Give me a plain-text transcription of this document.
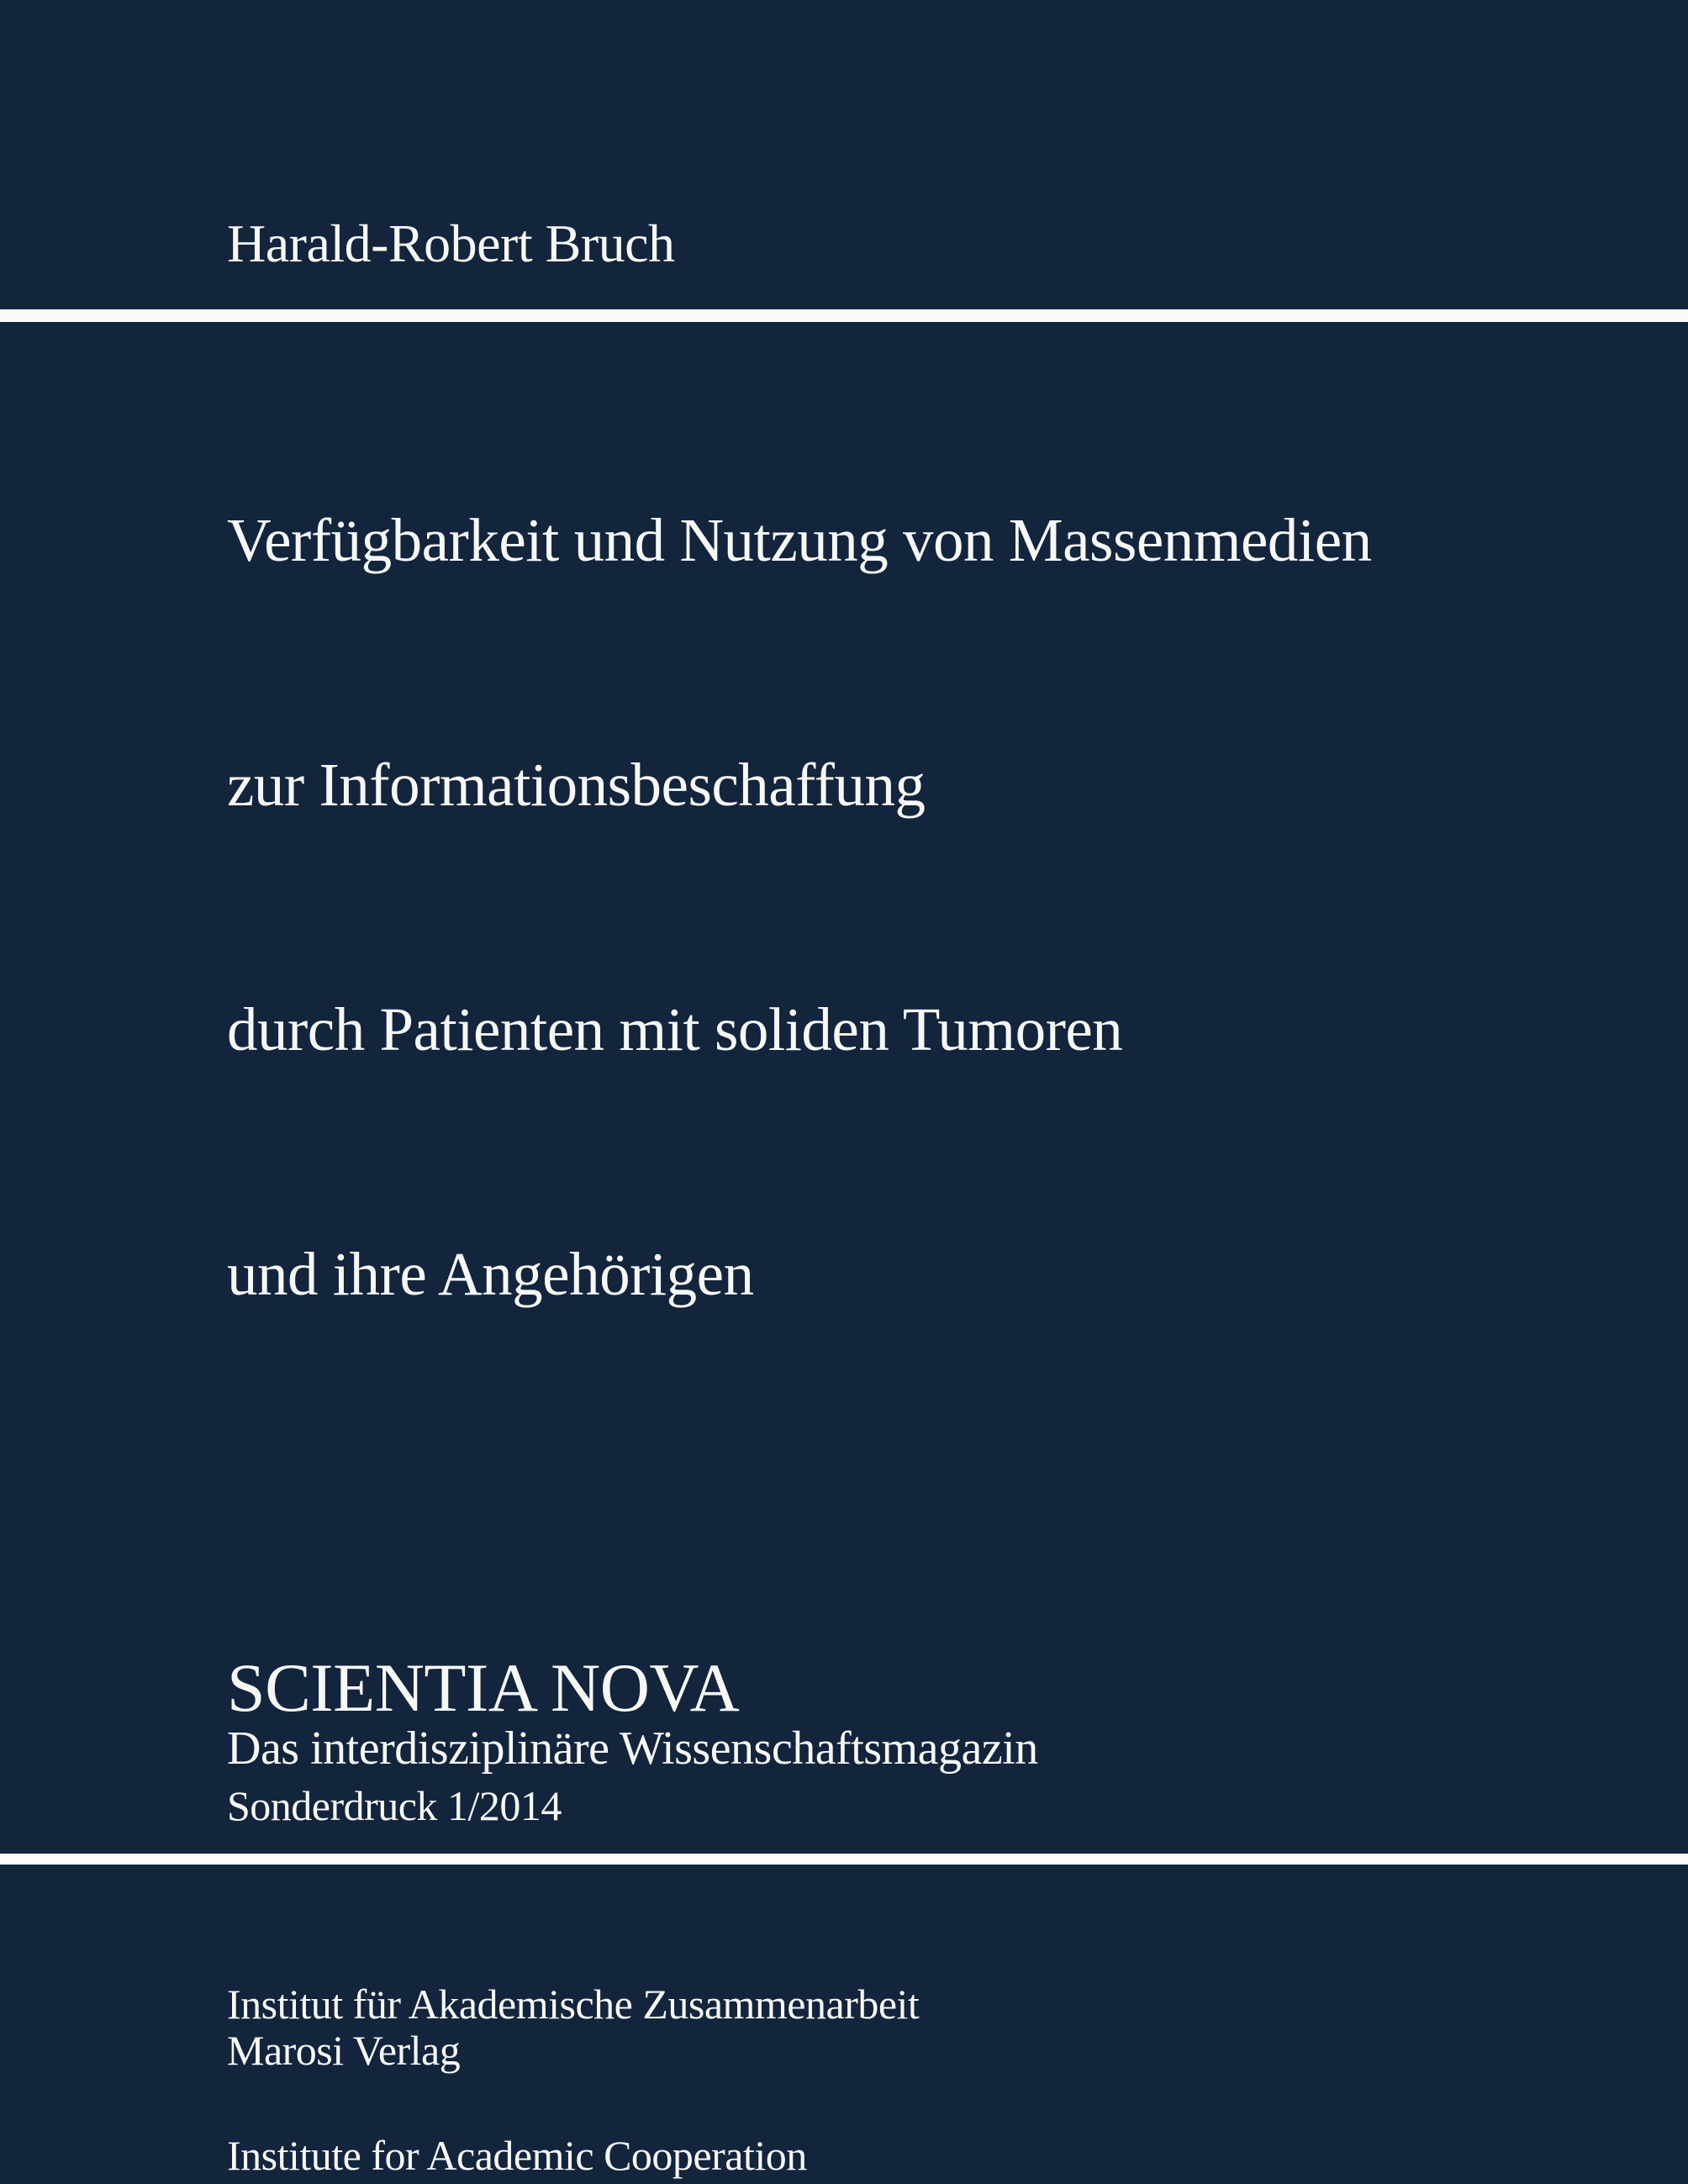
Harald-Robert Bruch

Verfügbarkeit und Nutzung von Massenmedien

zur Informationsbeschaffung

durch Patienten mit soliden Tumoren

und ihre Angehörigen

SCIENTIA NOVA
Das interdisziplinäre Wissenschaftsmagazin
Sonderdruck 1/2014

Institut für Akademische Zusammenarbeit

Institute for Academic Cooperation

Marosi Verlag
